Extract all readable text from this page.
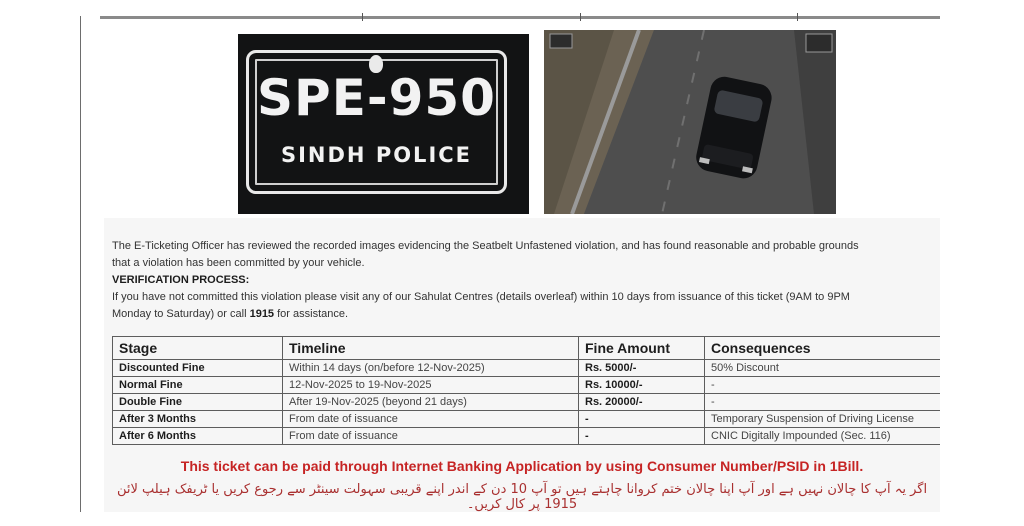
SPE-950
SINDH POLICE
The E-Ticketing Officer has reviewed the recorded images evidencing the Seatbelt Unfastened violation, and has found reasonable and probable grounds
that a violation has been committed by your vehicle.
VERIFICATION PROCESS:
If you have not committed this violation please visit any of our Sahulat Centres (details overleaf) within 10 days from issuance of this ticket (9AM to 9PM
Monday to Saturday) or call 1915 for assistance.
Stage	Timeline	Fine Amount	Consequences
Discounted Fine	Within 14 days (on/before 12-Nov-2025)	Rs. 5000/-	50% Discount
Normal Fine	12-Nov-2025 to 19-Nov-2025	Rs. 10000/-	-
Double Fine	After 19-Nov-2025 (beyond 21 days)	Rs. 20000/-	-
After 3 Months	From date of issuance	-	Temporary Suspension of Driving License
After 6 Months	From date of issuance	-	CNIC Digitally Impounded (Sec. 116)
This ticket can be paid through Internet Banking Application by using Consumer Number/PSID in 1Bill.
اگر یہ آپ کا چالان نہیں ہے اور آپ اپنا چالان ختم کروانا چاہتے ہیں تو آپ 10 دن کے اندر اپنے قریبی سہولت سینٹر سے رجوع کریں یا ٹریفک ہیلپ لائن 1915 پر کال کریں۔
